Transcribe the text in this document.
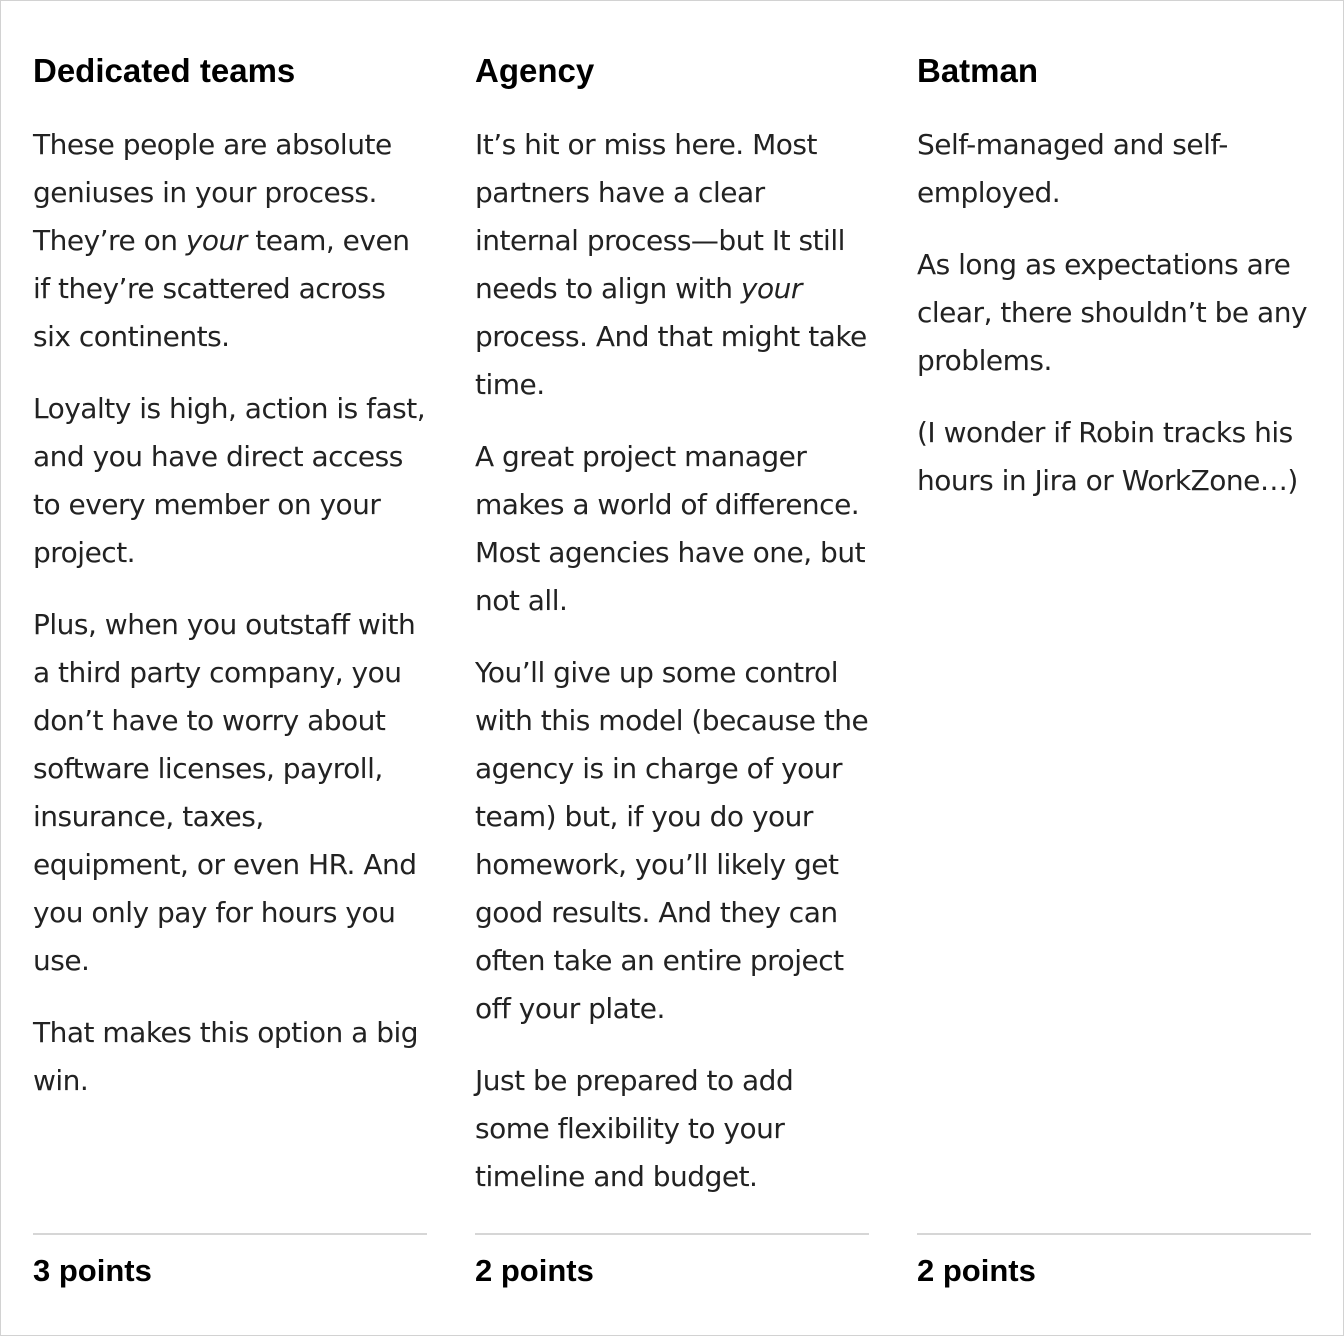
Dedicated teams

These people are absolute geniuses in your process. They’re on your team, even if they’re scattered across six continents.

Loyalty is high, action is fast, and you have direct access to every member on your project.

Plus, when you outstaff with a third party company, you don’t have to worry about software licenses, payroll, insurance, taxes, equipment, or even HR. And you only pay for hours you use.

That makes this option a big win.

3 points
Agency

It’s hit or miss here. Most partners have a clear internal process—but It still needs to align with your process. And that might take time.

A great project manager makes a world of difference. Most agencies have one, but not all.

You’ll give up some control with this model (because the agency is in charge of your team) but, if you do your homework, you’ll likely get good results. And they can often take an entire project off your plate.

Just be prepared to add some flexibility to your timeline and budget.

2 points
Batman

Self-managed and self-employed.

As long as expectations are clear, there shouldn’t be any problems.

(I wonder if Robin tracks his hours in Jira or WorkZone…)

2 points
